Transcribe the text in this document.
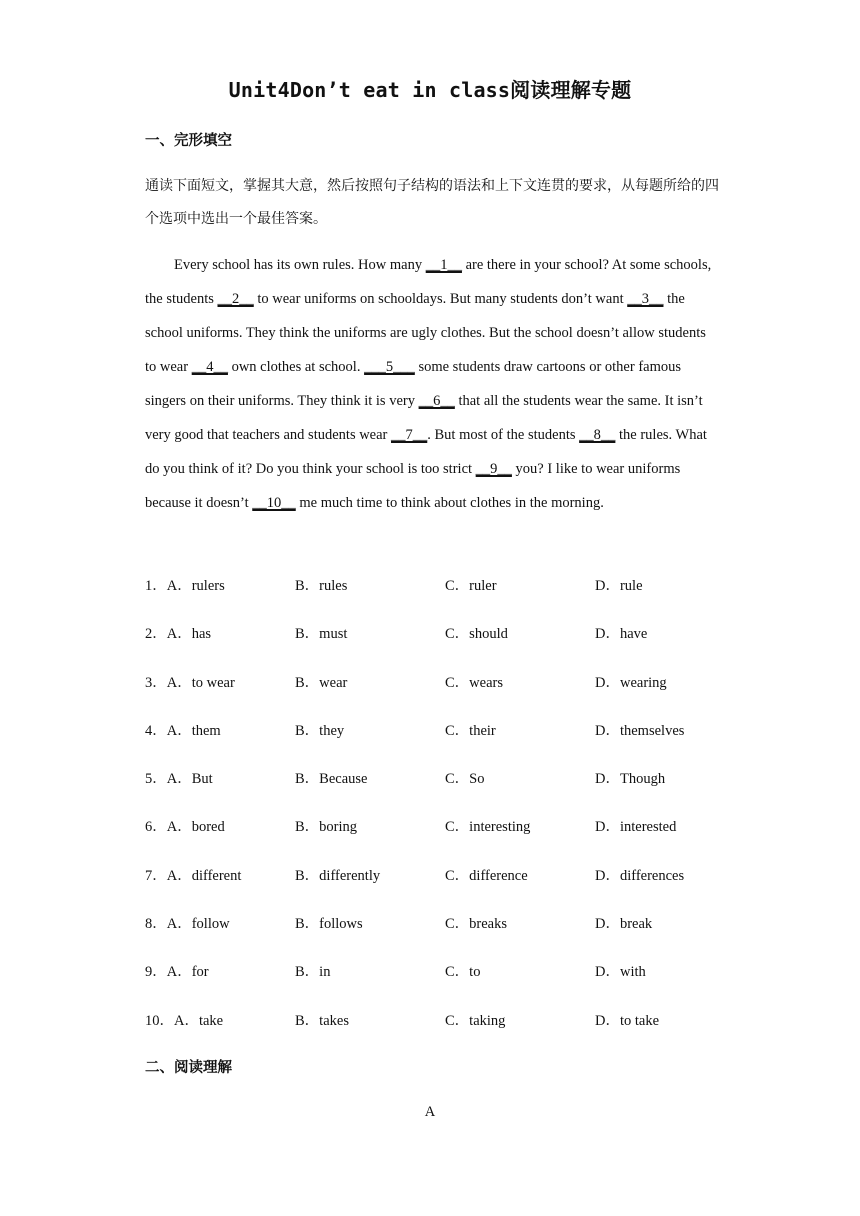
Unit4Don’t eat in class阅读理解专题
一、完形填空
通读下面短文，掌握其大意，然后按照句子结构的语法和上下文连贯的要求，从每题所给的四个选项中选出一个最佳答案。
Every school has its own rules. How many __1__ are there in your school? At some schools, the students __2__ to wear uniforms on schooldays. But many students don’t want __3__ the school uniforms. They think the uniforms are ugly clothes. But the school doesn’t allow students to wear __4__ own clothes at school. ___5___ some students draw cartoons or other famous singers on their uniforms. They think it is very __6__ that all the students wear the same. It isn’t very good that teachers and students wear __7__. But most of the students __8__ the rules. What do you think of it? Do you think your school is too strict __9__ you? I like to wear uniforms because it doesn’t __10__ me much time to think about clothes in the morning.
1．A．rulers	B．rules	C．ruler	D．rule
2．A．has	B．must	C．should	D．have
3．A．to wear	B．wear	C．wears	D．wearing
4．A．them	B．they	C．their	D．themselves
5．A．But	B．Because	C．So	D．Though
6．A．bored	B．boring	C．interesting	D．interested
7．A．different	B．differently	C．difference	D．differences
8．A．follow	B．follows	C．breaks	D．break
9．A．for	B．in	C．to	D．with
10．A．take	B．takes	C．taking	D．to take
二、阅读理解
A
